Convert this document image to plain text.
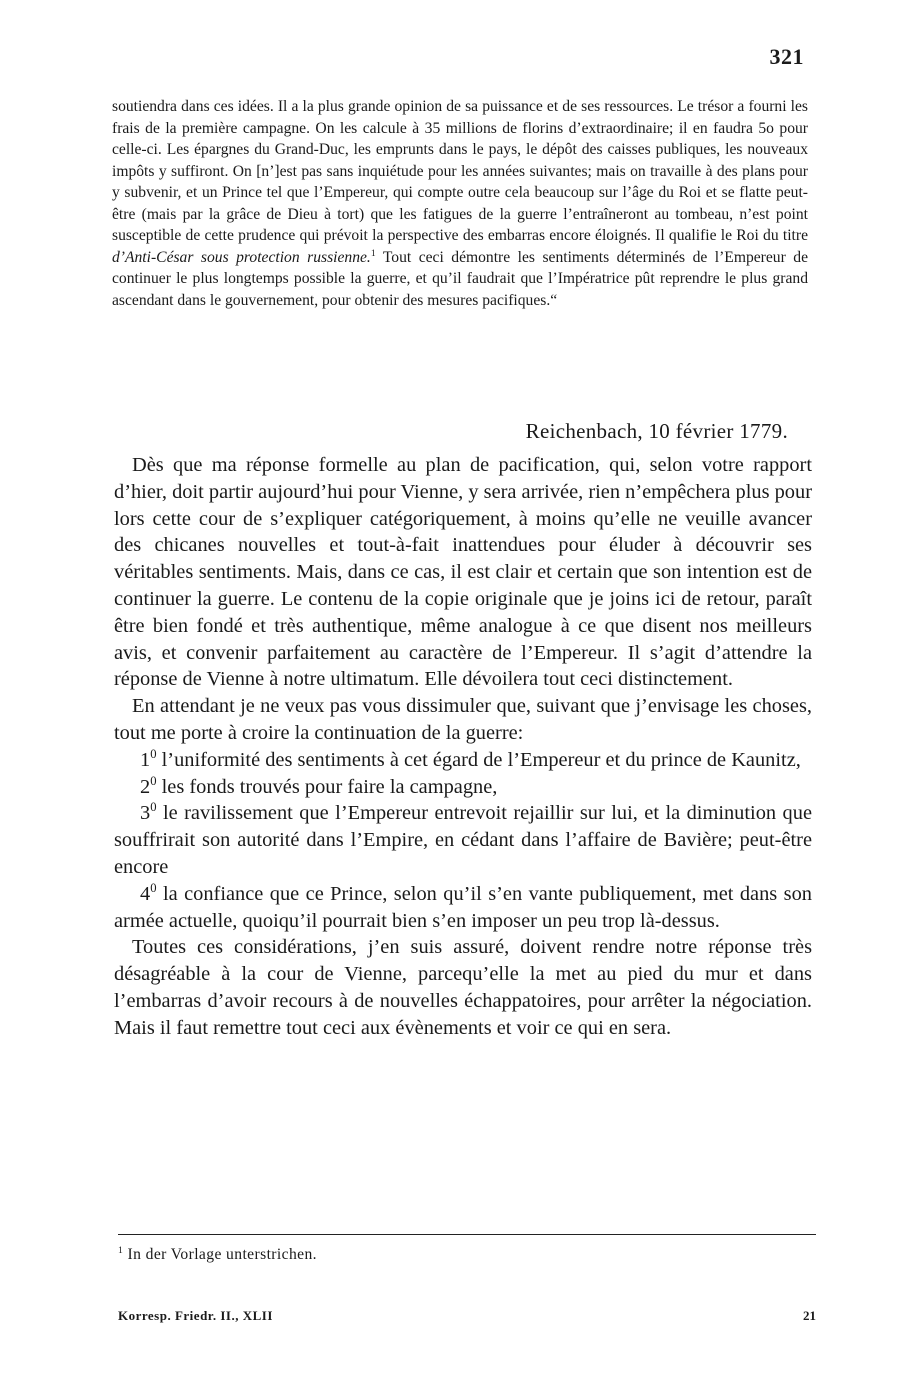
321

soutiendra dans ces idées. Il a la plus grande opinion de sa puissance et de ses ressources. Le trésor a fourni les frais de la première campagne. On les calcule à 35 millions de florins d’extraordinaire; il en faudra 5o pour celle-ci. Les épargnes du Grand-Duc, les emprunts dans le pays, le dépôt des caisses publiques, les nouveaux impôts y suffiront. On [n’]est pas sans inquiétude pour les années suivantes; mais on travaille à des plans pour y subvenir, et un Prince tel que l’Empereur, qui compte outre cela beaucoup sur l’âge du Roi et se flatte peut-être (mais par la grâce de Dieu à tort) que les fatigues de la guerre l’entraîneront au tombeau, n’est point susceptible de cette prudence qui prévoit la perspective des embarras encore éloignés. Il qualifie le Roi du titre d’Anti-César sous protection russienne.$^1$ Tout ceci démontre les sentiments déterminés de l’Empereur de continuer le plus longtemps possible la guerre, et qu’il faudrait que l’Impératrice pût reprendre le plus grand ascendant dans le gouvernement, pour obtenir des mesures pacifiques.“

Reichenbach, 10 février 1779.

Dès que ma réponse formelle au plan de pacification, qui, selon votre rapport d’hier, doit partir aujourd’hui pour Vienne, y sera arrivée, rien n’empêchera plus pour lors cette cour de s’expliquer catégoriquement, à moins qu’elle ne veuille avancer des chicanes nouvelles et tout-à-fait inattendues pour éluder à découvrir ses véritables sentiments. Mais, dans ce cas, il est clair et certain que son intention est de continuer la guerre. Le contenu de la copie originale que je joins ici de retour, paraît être bien fondé et très authentique, même analogue à ce que disent nos meilleurs avis, et convenir parfaitement au caractère de l’Empereur. Il s’agit d’attendre la réponse de Vienne à notre ultimatum. Elle dévoilera tout ceci distinctement.

En attendant je ne veux pas vous dissimuler que, suivant que j’envisage les choses, tout me porte à croire la continuation de la guerre:

$1^0$ l’uniformité des sentiments à cet égard de l’Empereur et du prince de Kaunitz,

$2^0$ les fonds trouvés pour faire la campagne,

$3^0$ le ravilissement que l’Empereur entrevoit rejaillir sur lui, et la diminution que souffrirait son autorité dans l’Empire, en cédant dans l’affaire de Bavière; peut-être encore

$4^0$ la confiance que ce Prince, selon qu’il s’en vante publiquement, met dans son armée actuelle, quoiqu’il pourrait bien s’en imposer un peu trop là-dessus.

Toutes ces considérations, j’en suis assuré, doivent rendre notre réponse très désagréable à la cour de Vienne, parcequ’elle la met au pied du mur et dans l’embarras d’avoir recours à de nouvelles échappatoires, pour arrêter la négociation. Mais il faut remettre tout ceci aux évènements et voir ce qui en sera.

$^1$ In der Vorlage unterstrichen.
Korresp. Friedr. II., XLII	21
